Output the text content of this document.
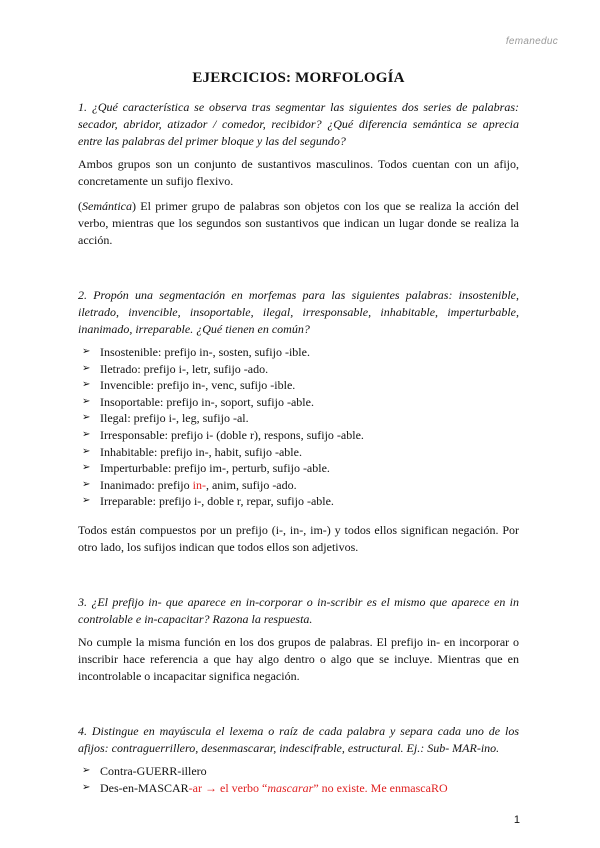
femaneduc
EJERCICIOS: MORFOLOGÍA
1. ¿Qué característica se observa tras segmentar las siguientes dos series de palabras: secador, abridor, atizador / comedor, recibidor? ¿Qué diferencia semántica se aprecia entre las palabras del primer bloque y las del segundo?

Ambos grupos son un conjunto de sustantivos masculinos. Todos cuentan con un afijo, concretamente un sufijo flexivo.

(Semántica) El primer grupo de palabras son objetos con los que se realiza la acción del verbo, mientras que los segundos son sustantivos que indican un lugar donde se realiza la acción.

2. Propón una segmentación en morfemas para las siguientes palabras: insostenible, iletrado, invencible, insoportable, ilegal, irresponsable, inhabitable, imperturbable, inanimado, irreparable. ¿Qué tienen en común?
➢ Insostenible: prefijo in-, sosten, sufijo -ible.
➢ Iletrado: prefijo i-, letr, sufijo -ado.
➢ Invencible: prefijo in-, venc, sufijo -ible.
➢ Insoportable: prefijo in-, soport, sufijo -able.
➢ Ilegal: prefijo i-, leg, sufijo -al.
➢ Irresponsable: prefijo i- (doble r), respons, sufijo -able.
➢ Inhabitable: prefijo in-, habit, sufijo -able.
➢ Imperturbable: prefijo im-, perturb, sufijo -able.
➢ Inanimado: prefijo in-, anim, sufijo -ado.
➢ Irreparable: prefijo i-, doble r, repar, sufijo -able.

Todos están compuestos por un prefijo (i-, in-, im-) y todos ellos significan negación. Por otro lado, los sufijos indican que todos ellos son adjetivos.

3. ¿El prefijo in- que aparece en in-corporar o in-scribir es el mismo que aparece en in controlable e in-capacitar? Razona la respuesta.

No cumple la misma función en los dos grupos de palabras. El prefijo in- en incorporar o inscribir hace referencia a que hay algo dentro o algo que se incluye. Mientras que en incontrolable o incapacitar significa negación.

4. Distingue en mayúscula el lexema o raíz de cada palabra y separa cada uno de los afijos: contraguerrillero, desenmascarar, indescifrable, estructural. Ej.: Sub- MAR-ino.
➢ Contra-GUERR-illero
➢ Des-en-MASCAR-ar → el verbo “mascarar” no existe. Me enmascaRO
1
